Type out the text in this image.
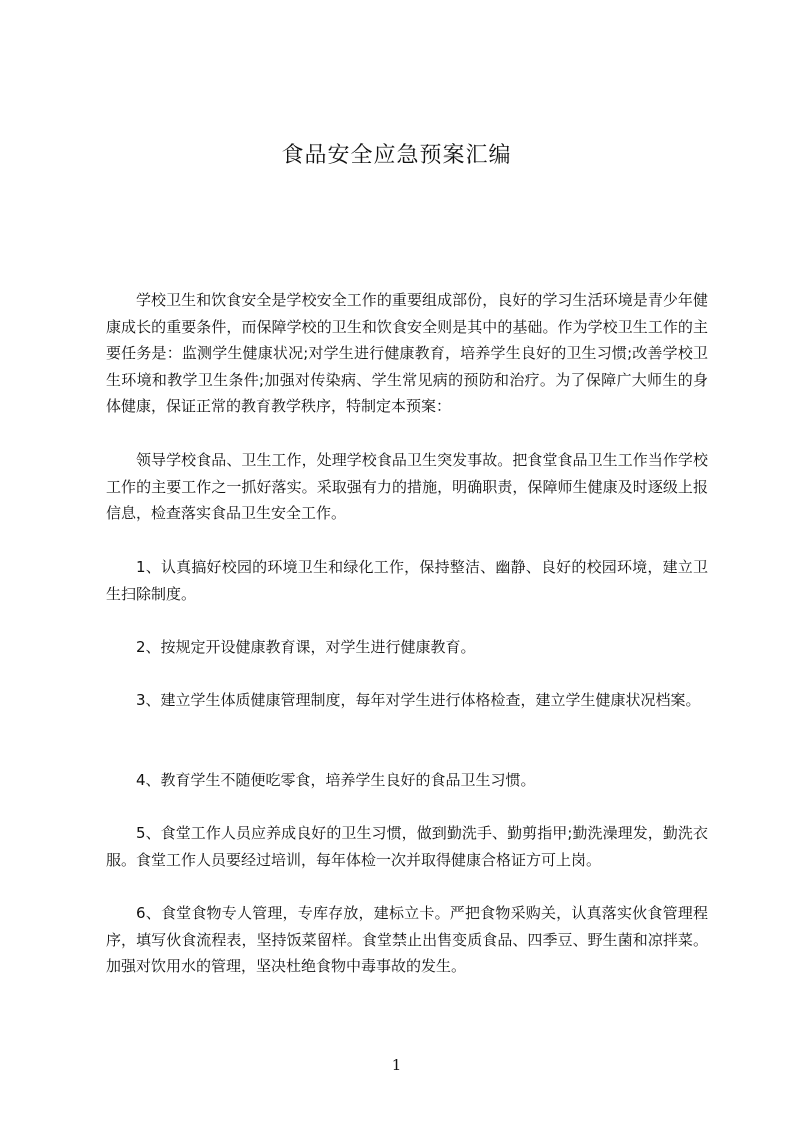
食品安全应急预案汇编

学校卫生和饮食安全是学校安全工作的重要组成部份，良好的学习生活环境是青少年健康成长的重要条件，而保障学校的卫生和饮食安全则是其中的基础。作为学校卫生工作的主要任务是：监测学生健康状况;对学生进行健康教育，培养学生良好的卫生习惯;改善学校卫生环境和教学卫生条件;加强对传染病、学生常见病的预防和治疗。为了保障广大师生的身体健康，保证正常的教育教学秩序，特制定本预案：

领导学校食品、卫生工作，处理学校食品卫生突发事故。把食堂食品卫生工作当作学校工作的主要工作之一抓好落实。采取强有力的措施，明确职责，保障师生健康及时逐级上报信息，检查落实食品卫生安全工作。

1、认真搞好校园的环境卫生和绿化工作，保持整洁、幽静、良好的校园环境，建立卫生扫除制度。

2、按规定开设健康教育课，对学生进行健康教育。

3、建立学生体质健康管理制度，每年对学生进行体格检查，建立学生健康状况档案。

4、教育学生不随便吃零食，培养学生良好的食品卫生习惯。

5、食堂工作人员应养成良好的卫生习惯，做到勤洗手、勤剪指甲;勤洗澡理发，勤洗衣服。食堂工作人员要经过培训，每年体检一次并取得健康合格证方可上岗。

6、食堂食物专人管理，专库存放，建标立卡。严把食物采购关，认真落实伙食管理程序，填写伙食流程表，坚持饭菜留样。食堂禁止出售变质食品、四季豆、野生菌和凉拌菜。加强对饮用水的管理，坚决杜绝食物中毒事故的发生。

1
